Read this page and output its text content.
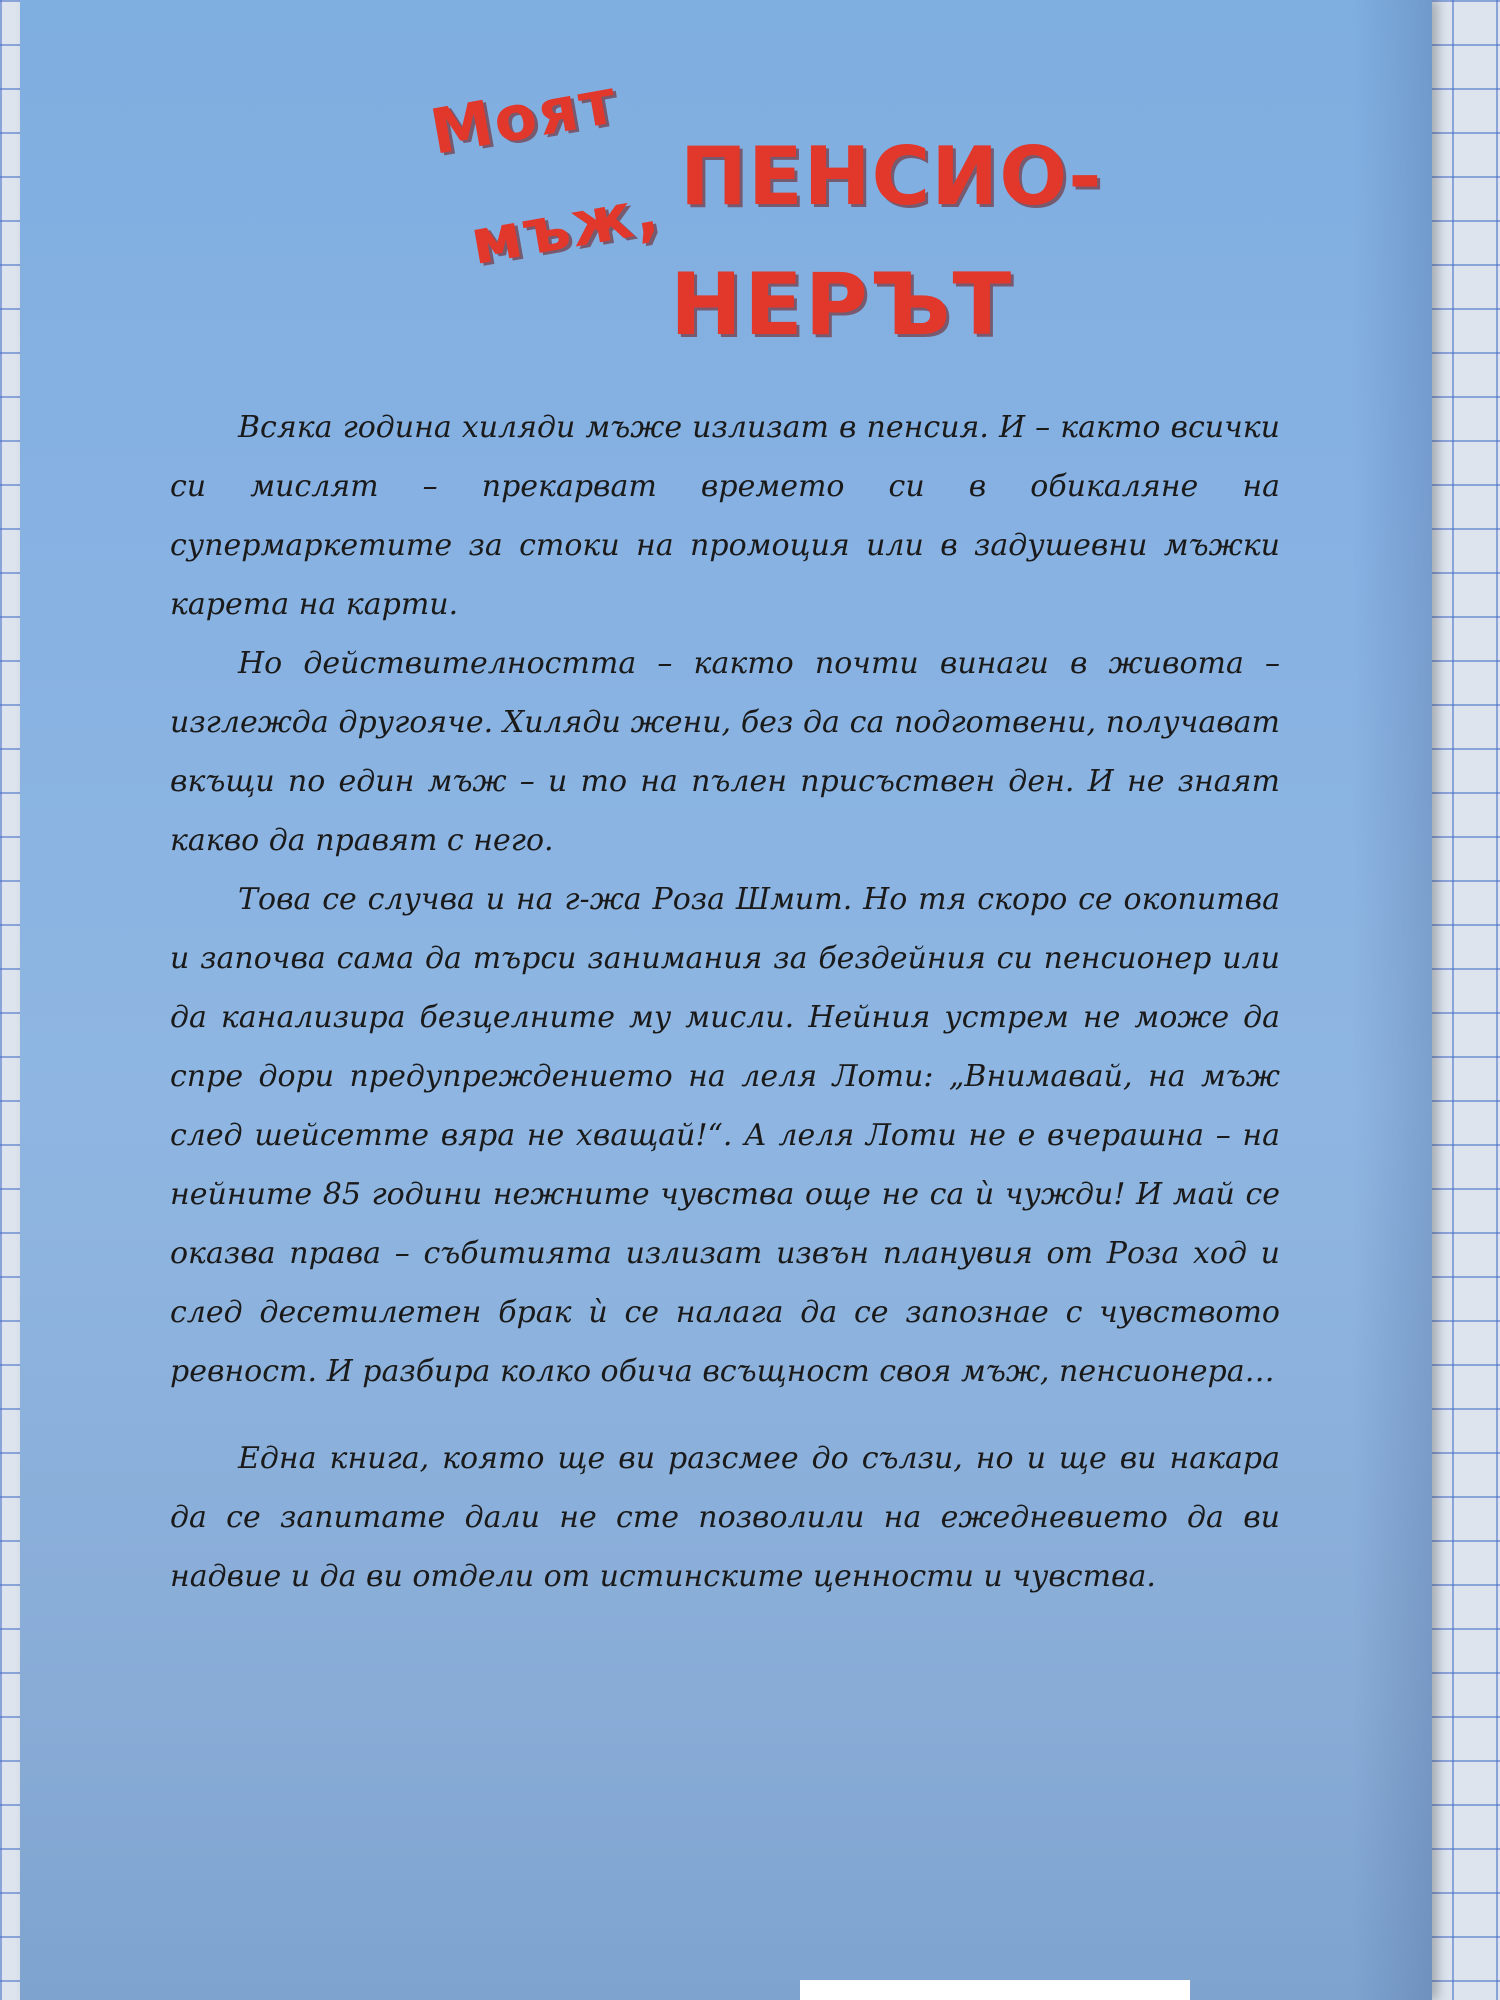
Моят
мъж, ПЕНСИО-
НЕРЪТ

Всяка година хиляди мъже излизат в пенсия. И – както всички си мислят – прекарват времето си в обикаляне на супермаркетите за стоки на промоция или в задушевни мъжки карета на карти.

Но действителността – както почти винаги в живота – изглежда другояче. Хиляди жени, без да са подготвени, получават вкъщи по един мъж – и то на пълен присъствен ден. И не знаят какво да правят с него.

Това се случва и на г-жа Роза Шмит. Но тя скоро се окопитва и започва сама да търси занимания за бездейния си пенсионер или да канализира безцелните му мисли. Нейния устрем не може да спре дори предупреждението на леля Лоти: „Внимавай, на мъж след шейсетте вяра не хващай!“. А леля Лоти не е вчерашна – на нейните 85 години нежните чувства още не са ѝ чужди! И май се оказва права – събитията излизат извън планувия от Роза ход и след десетилетен брак ѝ се налага да се запознае с чувството ревност. И разбира колко обича всъщност своя мъж, пенсионера…

Една книга, която ще ви разсмее до сълзи, но и ще ви накара да се запитате дали не сте позволили на ежедневието да ви надвие и да ви отдели от истинските ценности и чувства.
